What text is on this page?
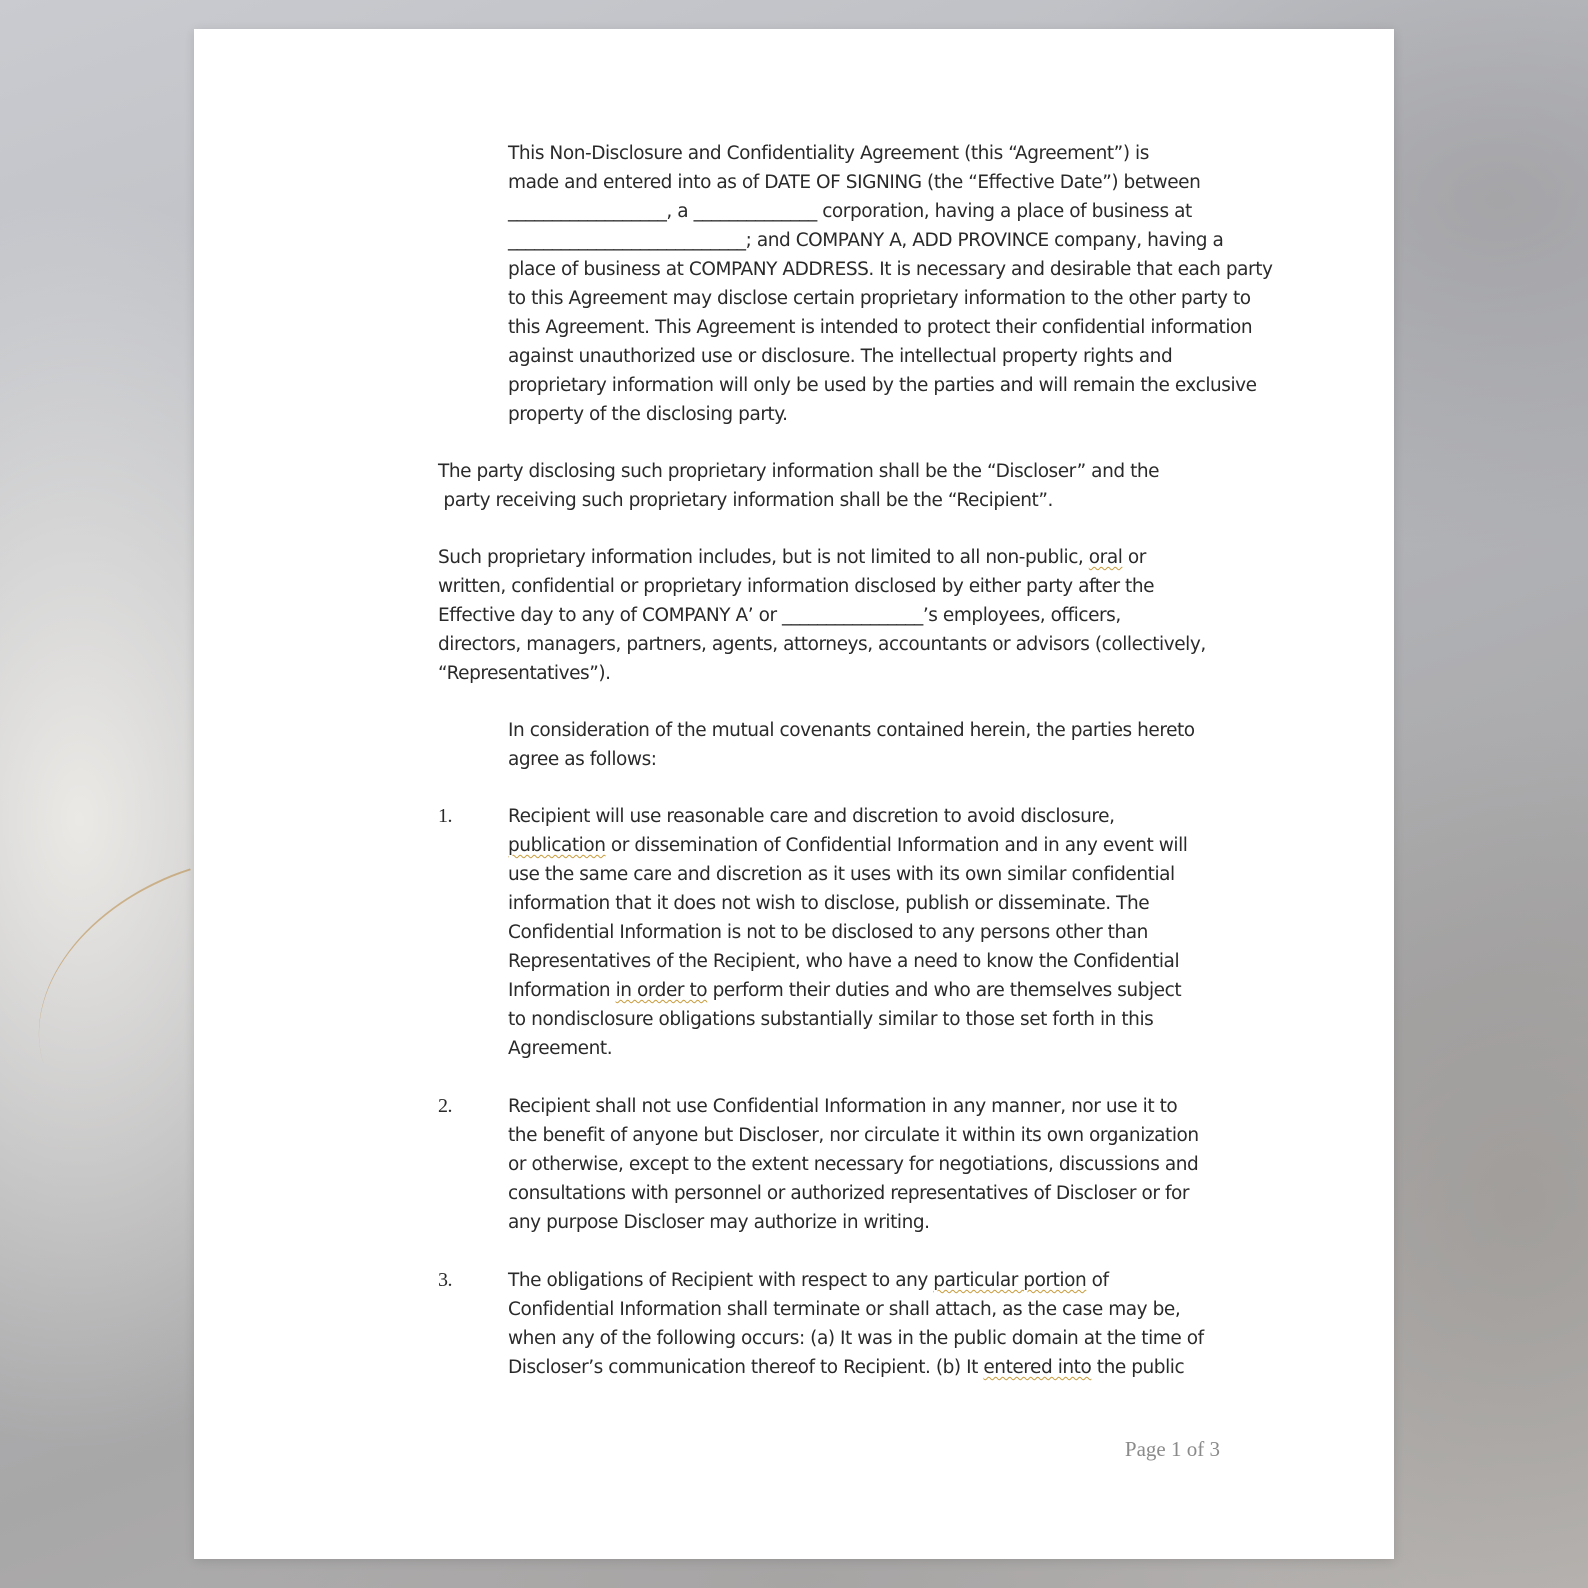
This Non-Disclosure and Confidentiality Agreement (this “Agreement”) is
made and entered into as of DATE OF SIGNING (the “Effective Date”) between
__________________, a ______________ corporation, having a place of business at
___________________________; and COMPANY A, ADD PROVINCE company, having a
place of business at COMPANY ADDRESS. It is necessary and desirable that each party
to this Agreement may disclose certain proprietary information to the other party to
this Agreement. This Agreement is intended to protect their confidential information
against unauthorized use or disclosure. The intellectual property rights and
proprietary information will only be used by the parties and will remain the exclusive
property of the disclosing party.
The party disclosing such proprietary information shall be the “Discloser” and the
party receiving such proprietary information shall be the “Recipient”.
Such proprietary information includes, but is not limited to all non-public, oral or
written, confidential or proprietary information disclosed by either party after the
Effective day to any of COMPANY A’ or ________________’s employees, officers,
directors, managers, partners, agents, attorneys, accountants or advisors (collectively,
“Representatives”).
In consideration of the mutual covenants contained herein, the parties hereto
agree as follows:
1.	Recipient will use reasonable care and discretion to avoid disclosure,
publication or dissemination of Confidential Information and in any event will
use the same care and discretion as it uses with its own similar confidential
information that it does not wish to disclose, publish or disseminate. The
Confidential Information is not to be disclosed to any persons other than
Representatives of the Recipient, who have a need to know the Confidential
Information in order to perform their duties and who are themselves subject
to nondisclosure obligations substantially similar to those set forth in this
Agreement.
2.	Recipient shall not use Confidential Information in any manner, nor use it to
the benefit of anyone but Discloser, nor circulate it within its own organization
or otherwise, except to the extent necessary for negotiations, discussions and
consultations with personnel or authorized representatives of Discloser or for
any purpose Discloser may authorize in writing.
3.	The obligations of Recipient with respect to any particular portion of
Confidential Information shall terminate or shall attach, as the case may be,
when any of the following occurs: (a) It was in the public domain at the time of
Discloser’s communication thereof to Recipient. (b) It entered into the public
Page 1 of 3
